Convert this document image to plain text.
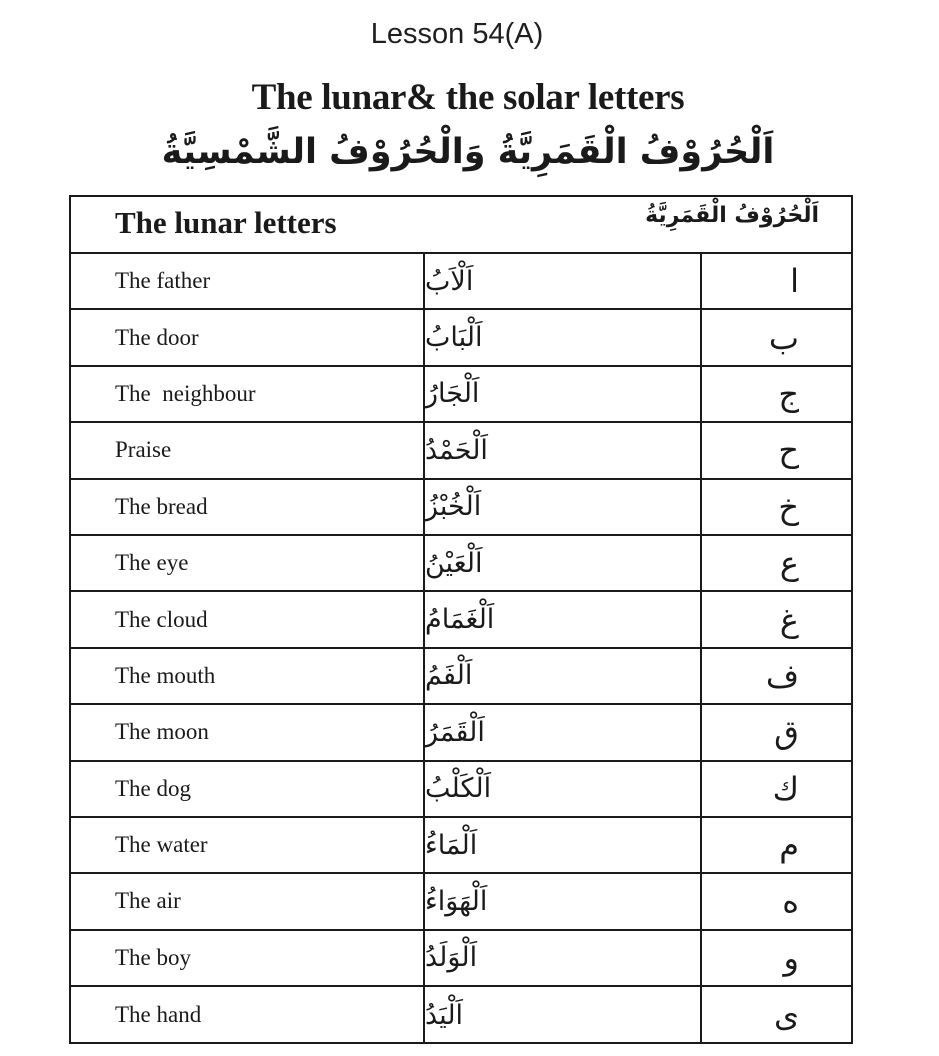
Lesson 54(A)
The lunar& the solar letters
اَلْحُرُوْفُ الْقَمَرِيَّةُ وَالْحُرُوْفُ الشَّمْسِيَّةُ
The lunar letters	اَلْحُرُوْفُ الْقَمَرِيَّةُ
The father	اَلْاَبُ	ا
The door	اَلْبَابُ	ب
The  neighbour	اَلْجَارُ	ج
Praise	اَلْحَمْدُ	ح
The bread	اَلْخُبْزُ	خ
The eye	اَلْعَيْنُ	ع
The cloud	اَلْغَمَامُ	غ
The mouth	اَلْفَمُ	ف
The moon	اَلْقَمَرُ	ق
The dog	اَلْكَلْبُ	ك
The water	اَلْمَاءُ	م
The air	اَلْهَوَاءُ	ه
The boy	اَلْوَلَدُ	و
The hand	اَلْيَدُ	ى
